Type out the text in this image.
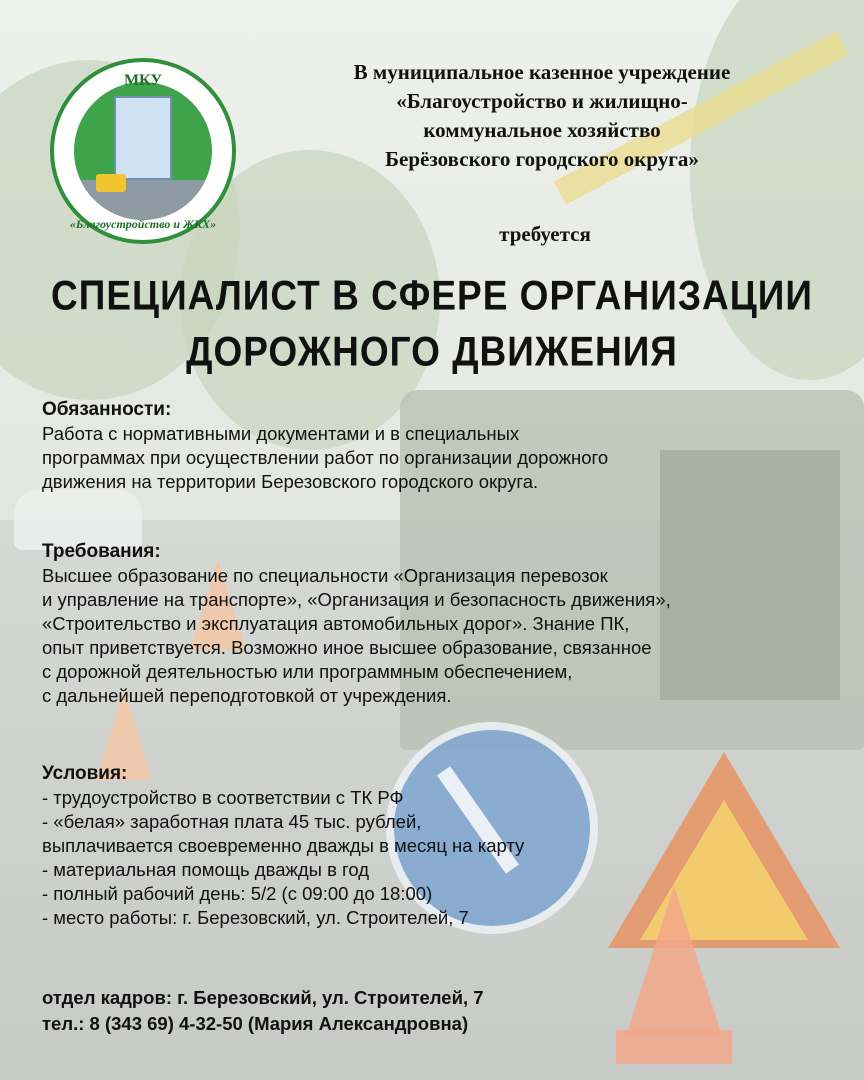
МКУ
«Благоустройство и ЖКХ»
В муниципальное казенное учреждение
«Благоустройство и жилищно-
коммунальное хозяйство
Берёзовского городского округа»
требуется
СПЕЦИАЛИСТ В СФЕРЕ ОРГАНИЗАЦИИ
ДОРОЖНОГО ДВИЖЕНИЯ
Обязанности:
Работа с нормативными документами и в специальных
программах при осуществлении работ по организации дорожного
движения на территории Березовского городского округа.
Требования:
Высшее образование по специальности «Организация перевозок
и управление на транспорте», «Организация и безопасность движения»,
«Строительство и эксплуатация автомобильных дорог». Знание ПК,
опыт приветствуется. Возможно иное высшее образование, связанное
с дорожной деятельностью или программным обеспечением,
с дальнейшей переподготовкой от учреждения.
Условия:
- трудоустройство в соответствии с ТК РФ
- «белая» заработная плата 45 тыс. рублей,
выплачивается своевременно дважды в месяц на карту
- материальная помощь дважды в год
- полный рабочий день: 5/2 (с 09:00 до 18:00)
- место работы: г. Березовский, ул. Строителей, 7
отдел кадров: г. Березовский, ул. Строителей, 7
тел.: 8 (343 69) 4-32-50 (Мария Александровна)
